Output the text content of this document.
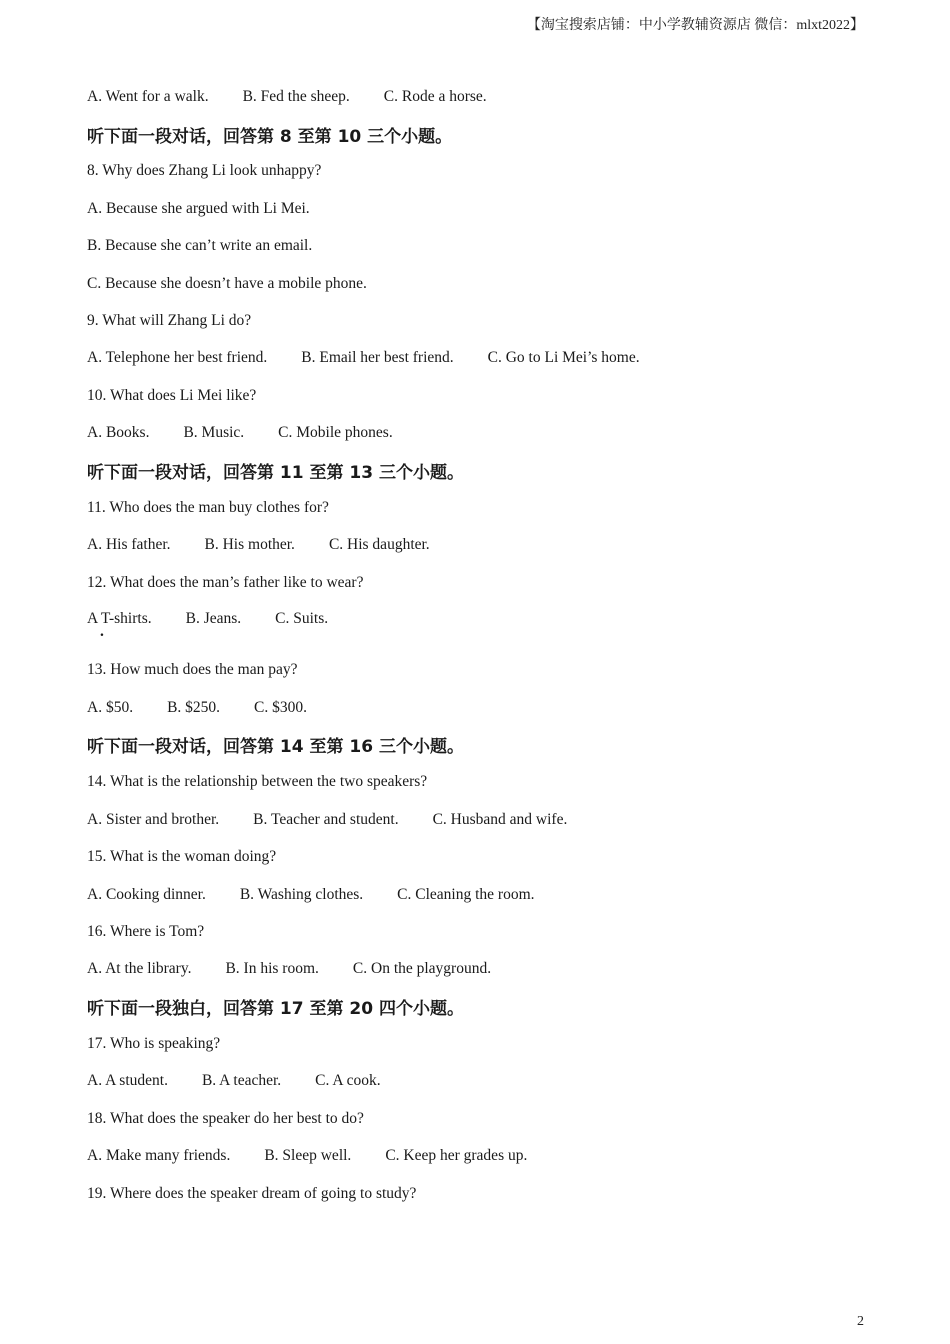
【淘宝搜索店铺：中小学教辅资源店 微信：mlxt2022】
A. Went for a walk. B. Fed the sheep. C. Rode a horse.
听下面一段对话，回答第 8 至第 10 三个小题。
8. Why does Zhang Li look unhappy?
A. Because she argued with Li Mei.
B. Because she can’t write an email.
C. Because she doesn’t have a mobile phone.
9. What will Zhang Li do?
A. Telephone her best friend. B. Email her best friend. C. Go to Li Mei’s home.
10. What does Li Mei like?
A. Books. B. Music. C. Mobile phones.
听下面一段对话，回答第 11 至第 13 三个小题。
11. Who does the man buy clothes for?
A. His father. B. His mother. C. His daughter.
12. What does the man’s father like to wear?
A T-shirts.
.
B. Jeans. C. Suits.
13. How much does the man pay?
A. $50. B. $250. C. $300.
听下面一段对话，回答第 14 至第 16 三个小题。
14. What is the relationship between the two speakers?
A. Sister and brother. B. Teacher and student. C. Husband and wife.
15. What is the woman doing?
A. Cooking dinner. B. Washing clothes. C. Cleaning the room.
16. Where is Tom?
A. At the library. B. In his room. C. On the playground.
听下面一段独白，回答第 17 至第 20 四个小题。
17. Who is speaking?
A. A student. B. A teacher. C. A cook.
18. What does the speaker do her best to do?
A. Make many friends. B. Sleep well. C. Keep her grades up.
19. Where does the speaker dream of going to study?
2
